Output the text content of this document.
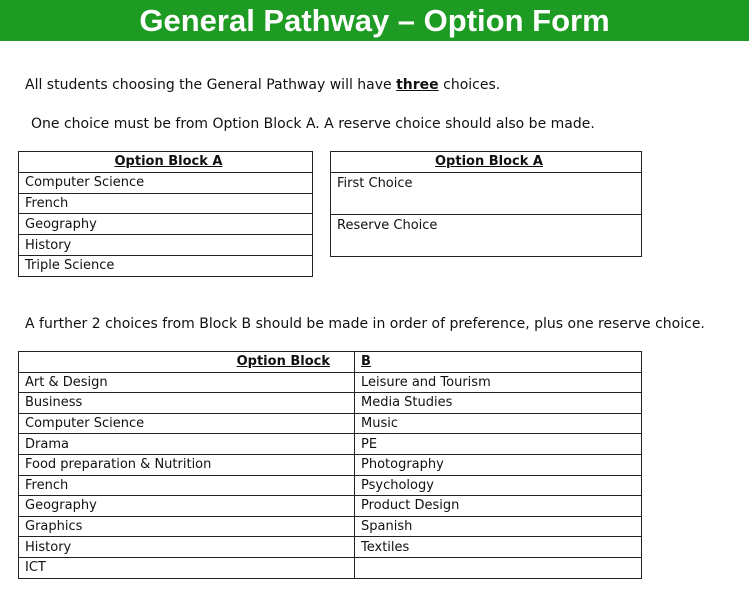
General Pathway – Option Form
All students choosing the General Pathway will have three choices.
One choice must be from Option Block A. A reserve choice should also be made.
Option Block A
Computer Science
French
Geography
History
Triple Science
Option Block A
First Choice
Reserve Choice
A further 2 choices from Block B should be made in order of preference, plus one reserve choice.
Option Block	B
Art & Design	Leisure and Tourism
Business	Media Studies
Computer Science	Music
Drama	PE
Food preparation & Nutrition	Photography
French	Psychology
Geography	Product Design
Graphics	Spanish
History	Textiles
ICT	
